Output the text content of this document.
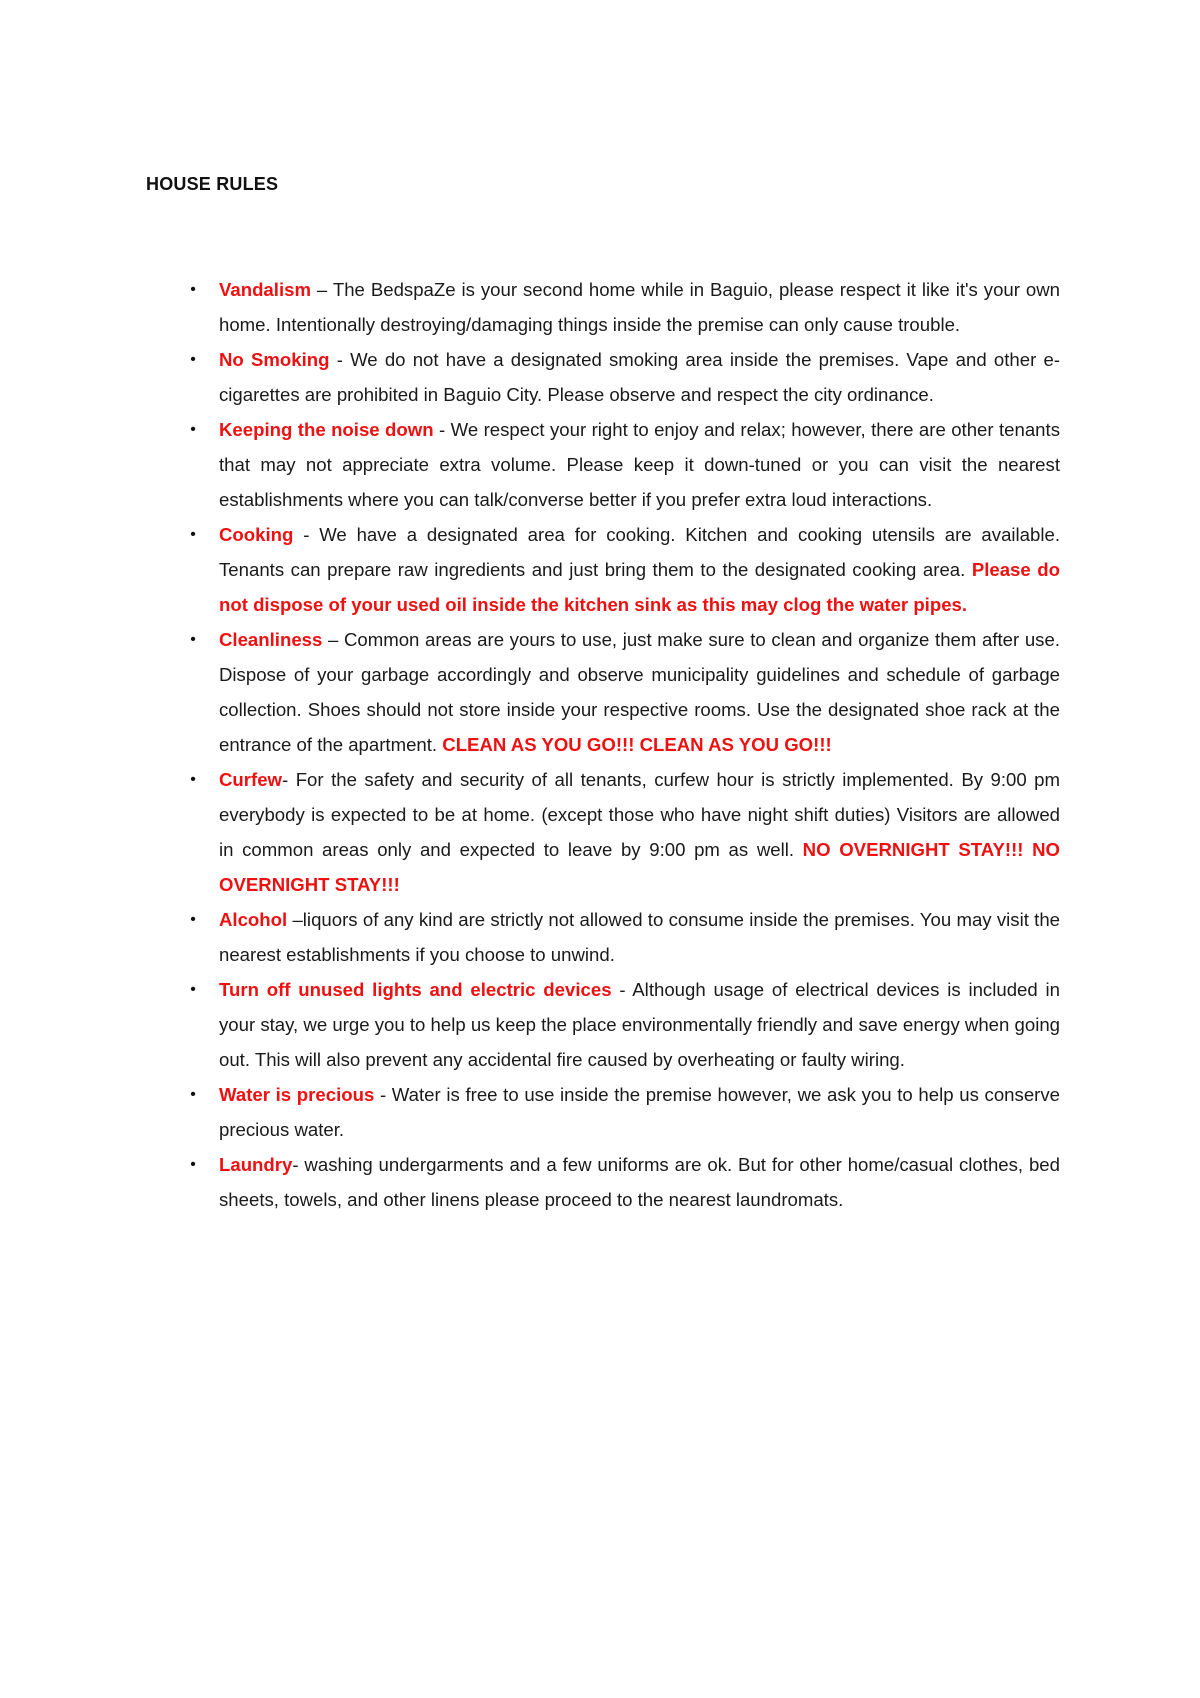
HOUSE RULES
•	Vandalism – The BedspaZe is your second home while in Baguio, please respect it like it's your own home. Intentionally destroying/damaging things inside the premise can only cause trouble.
•	No Smoking - We do not have a designated smoking area inside the premises. Vape and other e-cigarettes are prohibited in Baguio City. Please observe and respect the city ordinance.
•	Keeping the noise down - We respect your right to enjoy and relax; however, there are other tenants that may not appreciate extra volume. Please keep it down-tuned or you can visit the nearest establishments where you can talk/converse better if you prefer extra loud interactions.
•	Cooking - We have a designated area for cooking. Kitchen and cooking utensils are available. Tenants can prepare raw ingredients and just bring them to the designated cooking area. Please do not dispose of your used oil inside the kitchen sink as this may clog the water pipes.
•	Cleanliness – Common areas are yours to use, just make sure to clean and organize them after use. Dispose of your garbage accordingly and observe municipality guidelines and schedule of garbage collection. Shoes should not store inside your respective rooms. Use the designated shoe rack at the entrance of the apartment. CLEAN AS YOU GO!!! CLEAN AS YOU GO!!!
•	Curfew- For the safety and security of all tenants, curfew hour is strictly implemented. By 9:00 pm everybody is expected to be at home. (except those who have night shift duties) Visitors are allowed in common areas only and expected to leave by 9:00 pm as well. NO OVERNIGHT STAY!!! NO OVERNIGHT STAY!!!
•	Alcohol –liquors of any kind are strictly not allowed to consume inside the premises. You may visit the nearest establishments if you choose to unwind.
•	Turn off unused lights and electric devices - Although usage of electrical devices is included in your stay, we urge you to help us keep the place environmentally friendly and save energy when going out. This will also prevent any accidental fire caused by overheating or faulty wiring.
•	Water is precious - Water is free to use inside the premise however, we ask you to help us conserve precious water.
•	Laundry- washing undergarments and a few uniforms are ok. But for other home/casual clothes, bed sheets, towels, and other linens please proceed to the nearest laundromats.
